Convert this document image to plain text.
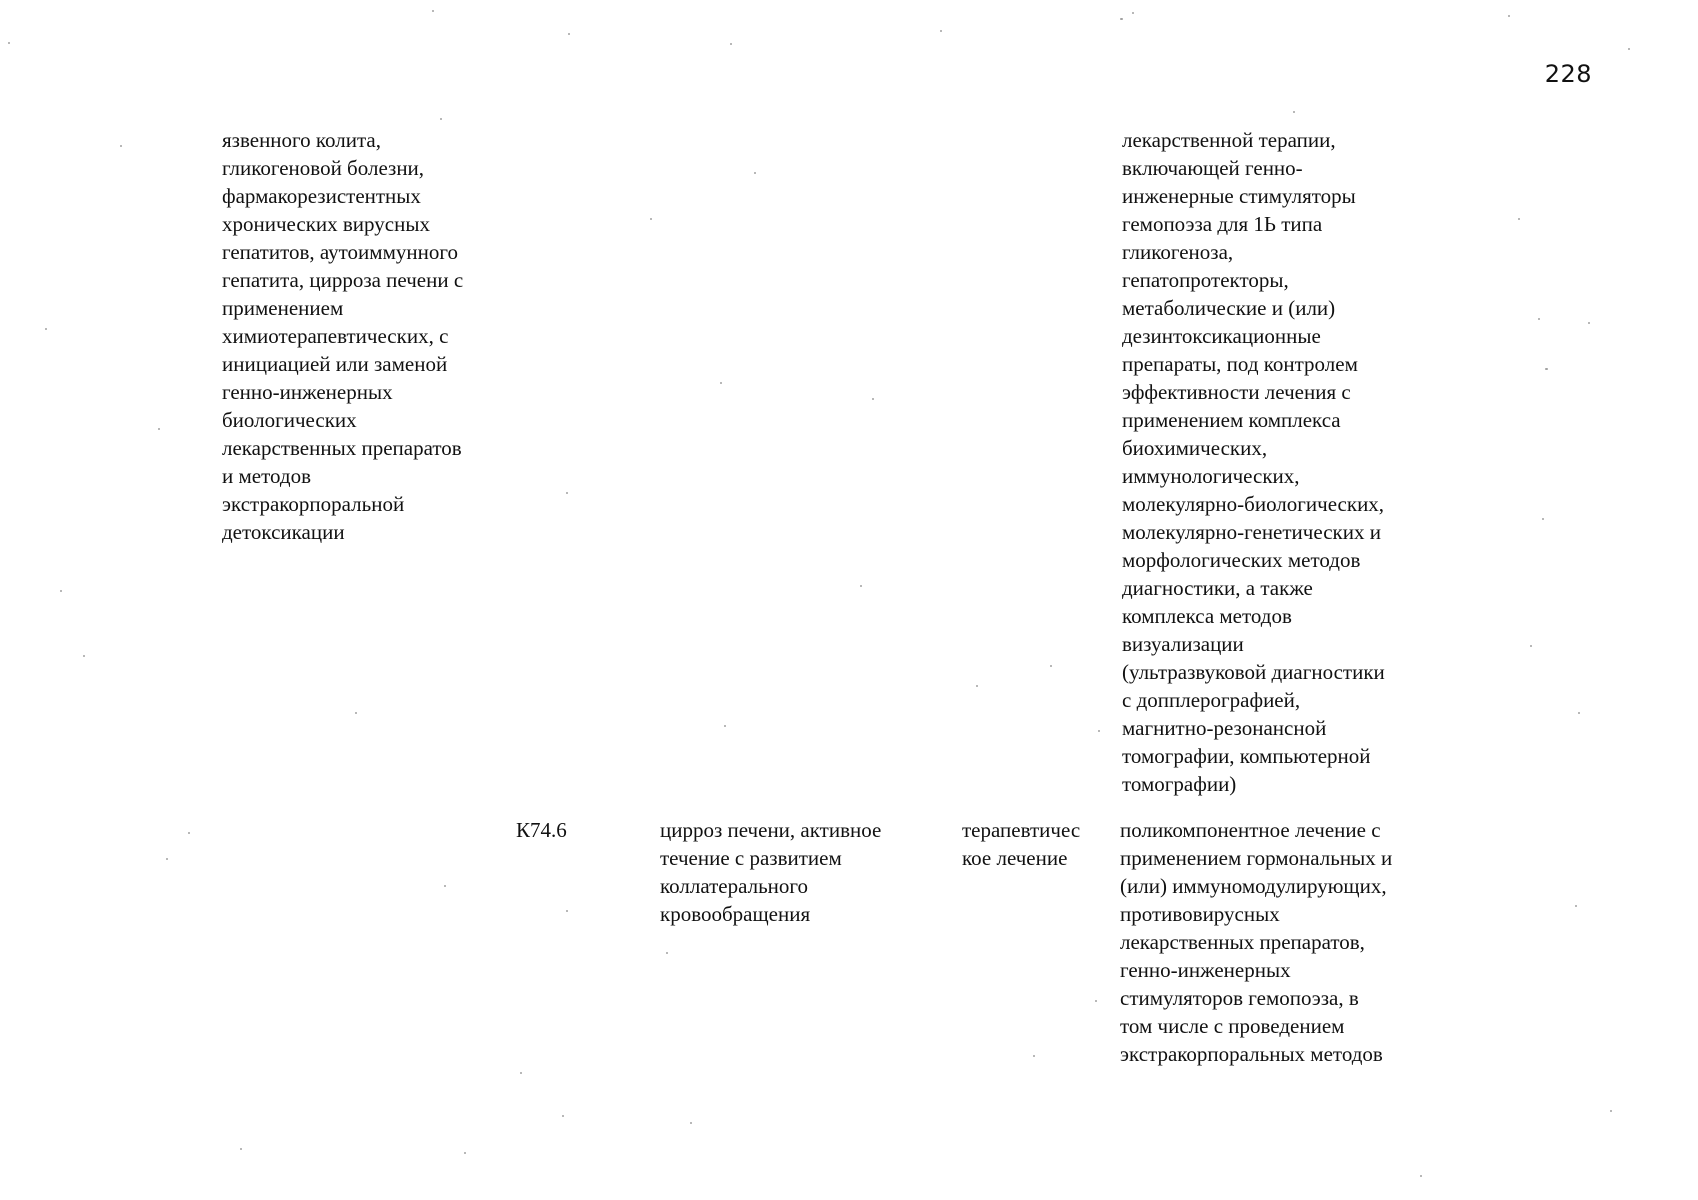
228

язвенного колита,
гликогеновой болезни,
фармакорезистентных
хронических вирусных
гепатитов, аутоиммунного
гепатита, цирроза печени с
применением
химиотерапевтических, с
инициацией или заменой
генно-инженерных
биологических
лекарственных препаратов
и методов
экстракорпоральной
детоксикации

лекарственной терапии,
включающей генно-
инженерные стимуляторы
гемопоэза для 1Ь типа
гликогеноза,
гепатопротекторы,
метаболические и (или)
дезинтоксикационные
препараты, под контролем
эффективности лечения с
применением комплекса
биохимических,
иммунологических,
молекулярно-биологических,
молекулярно-генетических и
морфологических методов
диагностики, а также
комплекса методов
визуализации
(ультразвуковой диагностики
с допплерографией,
магнитно-резонансной
томографии, компьютерной
томографии)

К74.6	цирроз печени, активное
течение с развитием
коллатерального
кровообращения

терапевтичес
кое лечение

поликомпонентное лечение с
применением гормональных и
(или) иммуномодулирующих,
противовирусных
лекарственных препаратов,
генно-инженерных
стимуляторов гемопоэза, в
том числе с проведением
экстракорпоральных методов
